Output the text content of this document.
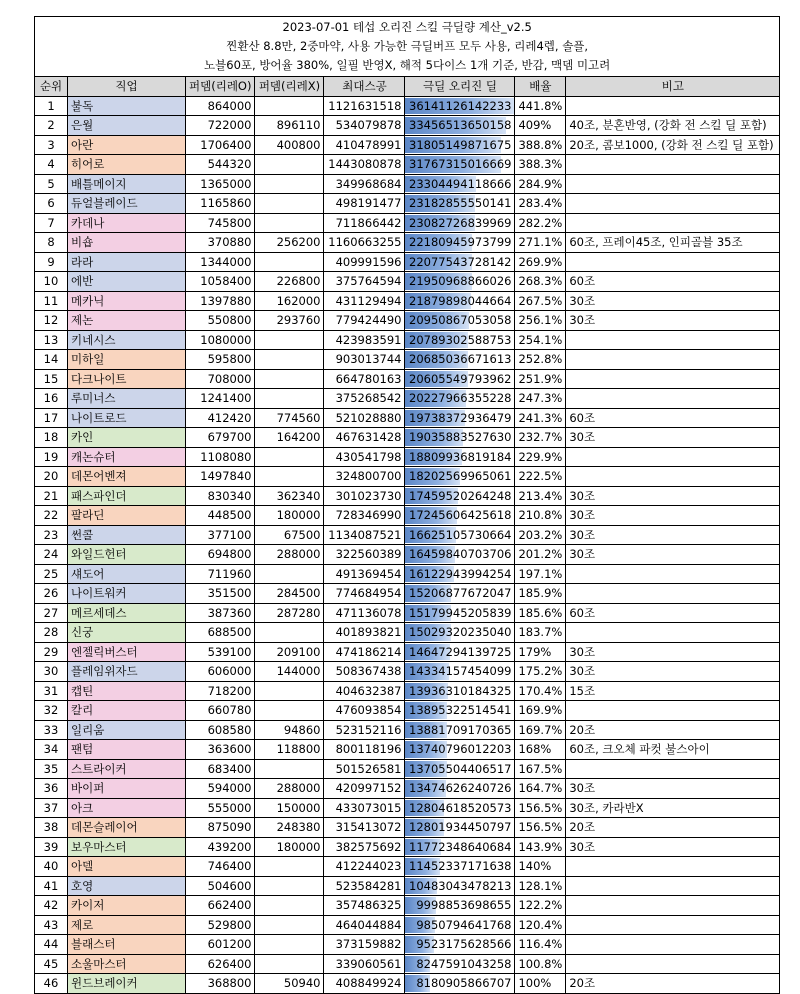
2023-07-01 테섭 오리진 스킬 극딜량 계산_v2.5
찐환산 8.8만, 2중마약, 사용 가능한 극딜버프 모두 사용, 리레4렙, 솔플,
노블60포, 방어율 380%, 일필 반영X, 해적 5다이스 1개 기준, 반감, 맥뎀 미고려							

순위	직업	퍼뎀(리레O)	퍼뎀(리레X)	최대스공	극딜 오리진 딜	배율	비고
1	불독	864000		1121631518	36141126142233	441.8%	
2	은월	722000	896110	534079878	33456513650158	409%	40조, 분혼반영, (강화 전 스킬 딜 포함)
3	아란	1706400	400800	410478991	31805149871675	388.8%	20조, 콤보1000, (강화 전 스킬 딜 포함)
4	히어로	544320		1443080878	31767315016669	388.3%	
5	배틀메이지	1365000		349968684	23304494118666	284.9%	
6	듀얼블레이드	1165860		498191477	23182855550141	283.4%	
7	카데나	745800		711866442	23082726839969	282.2%	
8	비숍	370880	256200	1160663255	22180945973799	271.1%	60조, 프레이45조, 인피골블 35조
9	라라	1344000		409991596	22077543728142	269.9%	
10	에반	1058400	226800	375764594	21950968866026	268.3%	60조
11	메카닉	1397880	162000	431129494	21879898044664	267.5%	30조
12	제논	550800	293760	779424490	20950867053058	256.1%	30조
13	키네시스	1080000		423983591	20789302588753	254.1%	
14	미하일	595800		903013744	20685036671613	252.8%	
15	다크나이트	708000		664780163	20605549793962	251.9%	
16	루미너스	1241400		375268542	20227966355228	247.3%	
17	나이트로드	412420	774560	521028880	19738372936479	241.3%	60조
18	카인	679700	164200	467631428	19035883527630	232.7%	30조
19	캐논슈터	1108080		430541798	18809936819184	229.9%	
20	데몬어벤져	1497840		324800700	18202569965061	222.5%	
21	패스파인더	830340	362340	301023730	17459520264248	213.4%	30조
22	팔라딘	448500	180000	728346990	17245606425618	210.8%	30조
23	썬콜	377100	67500	1134087521	16625105730664	203.2%	30조
24	와일드헌터	694800	288000	322560389	16459840703706	201.2%	30조
25	섀도어	711960		491369454	16122943994254	197.1%	
26	나이트워커	351500	284500	774684954	15206877672047	185.9%	
27	메르세데스	387360	287280	471136078	15179945205839	185.6%	60조
28	신궁	688500		401893821	15029320235040	183.7%	
29	엔젤릭버스터	539100	209100	474186214	14647294139725	179%	30조
30	플레임위자드	606000	144000	508367438	14334157454099	175.2%	30조
31	캡틴	718200		404632387	13936310184325	170.4%	15조
32	칼리	660780		476093854	13895322514541	169.9%	
33	일리움	608580	94860	523152116	13881709170365	169.7%	20조
34	팬텀	363600	118800	800118196	13740796012203	168%	60조, 크오체 파컷 불스아이
35	스트라이커	683400		501526581	13705504406517	167.5%	
36	바이퍼	594000	288000	420997152	13474626240726	164.7%	30조
37	아크	555000	150000	433073015	12804618520573	156.5%	30조, 카라반X
38	데몬슬레이어	875090	248380	315413072	12801934450797	156.5%	20조
39	보우마스터	439200	180000	382575692	11772348640684	143.9%	30조
40	아델	746400		412244023	11452337171638	140%	
41	호영	504600		523584281	10483043478213	128.1%	
42	카이저	662400		357486325	9998853698655	122.2%	
43	제로	529800		464044884	9850794641768	120.4%	
44	블래스터	601200		373159882	9523175628566	116.4%	
45	소울마스터	626400		339060561	8247591043258	100.8%	
46	윈드브레이커	368800	50940	408849924	8180905866707	100%	20조
